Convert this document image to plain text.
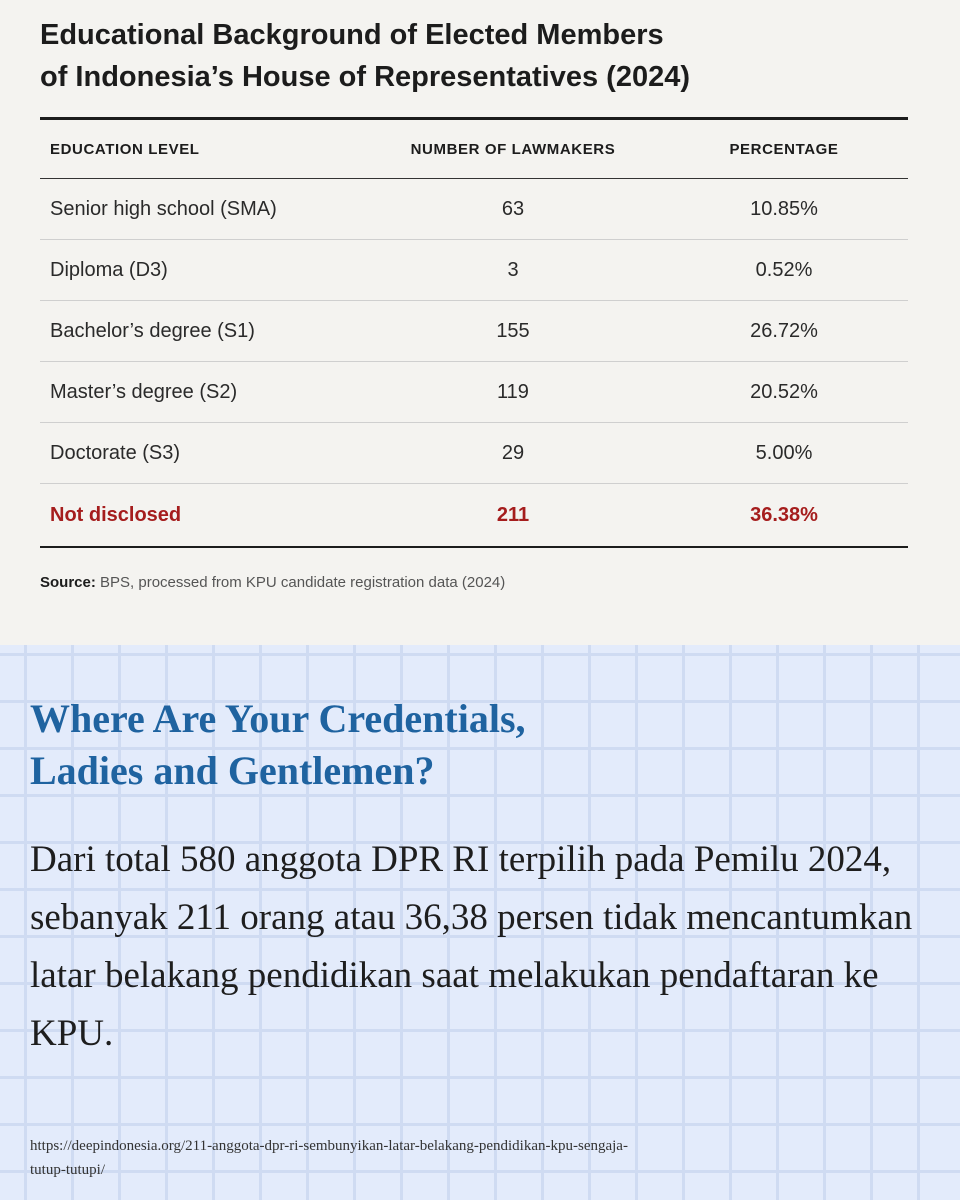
Educational Background of Elected Members
of Indonesia’s House of Representatives (2024)
EDUCATION LEVEL	NUMBER OF LAWMAKERS	PERCENTAGE
Senior high school (SMA)	63	10.85%
Diploma (D3)	3	0.52%
Bachelor’s degree (S1)	155	26.72%
Master’s degree (S2)	119	20.52%
Doctorate (S3)	29	5.00%
Not disclosed	211	36.38%
Source: BPS, processed from KPU candidate registration data (2024)
Where Are Your Credentials,
Ladies and Gentlemen?

Dari total 580 anggota DPR RI terpilih pada Pemilu 2024, sebanyak 211 orang atau 36,38 persen tidak mencantumkan latar belakang pendidikan saat melakukan pendaftaran ke KPU.

https://deepindonesia.org/211-anggota-dpr-ri-sembunyikan-latar-belakang-pendidikan-kpu-sengaja-tutup-tutupi/
